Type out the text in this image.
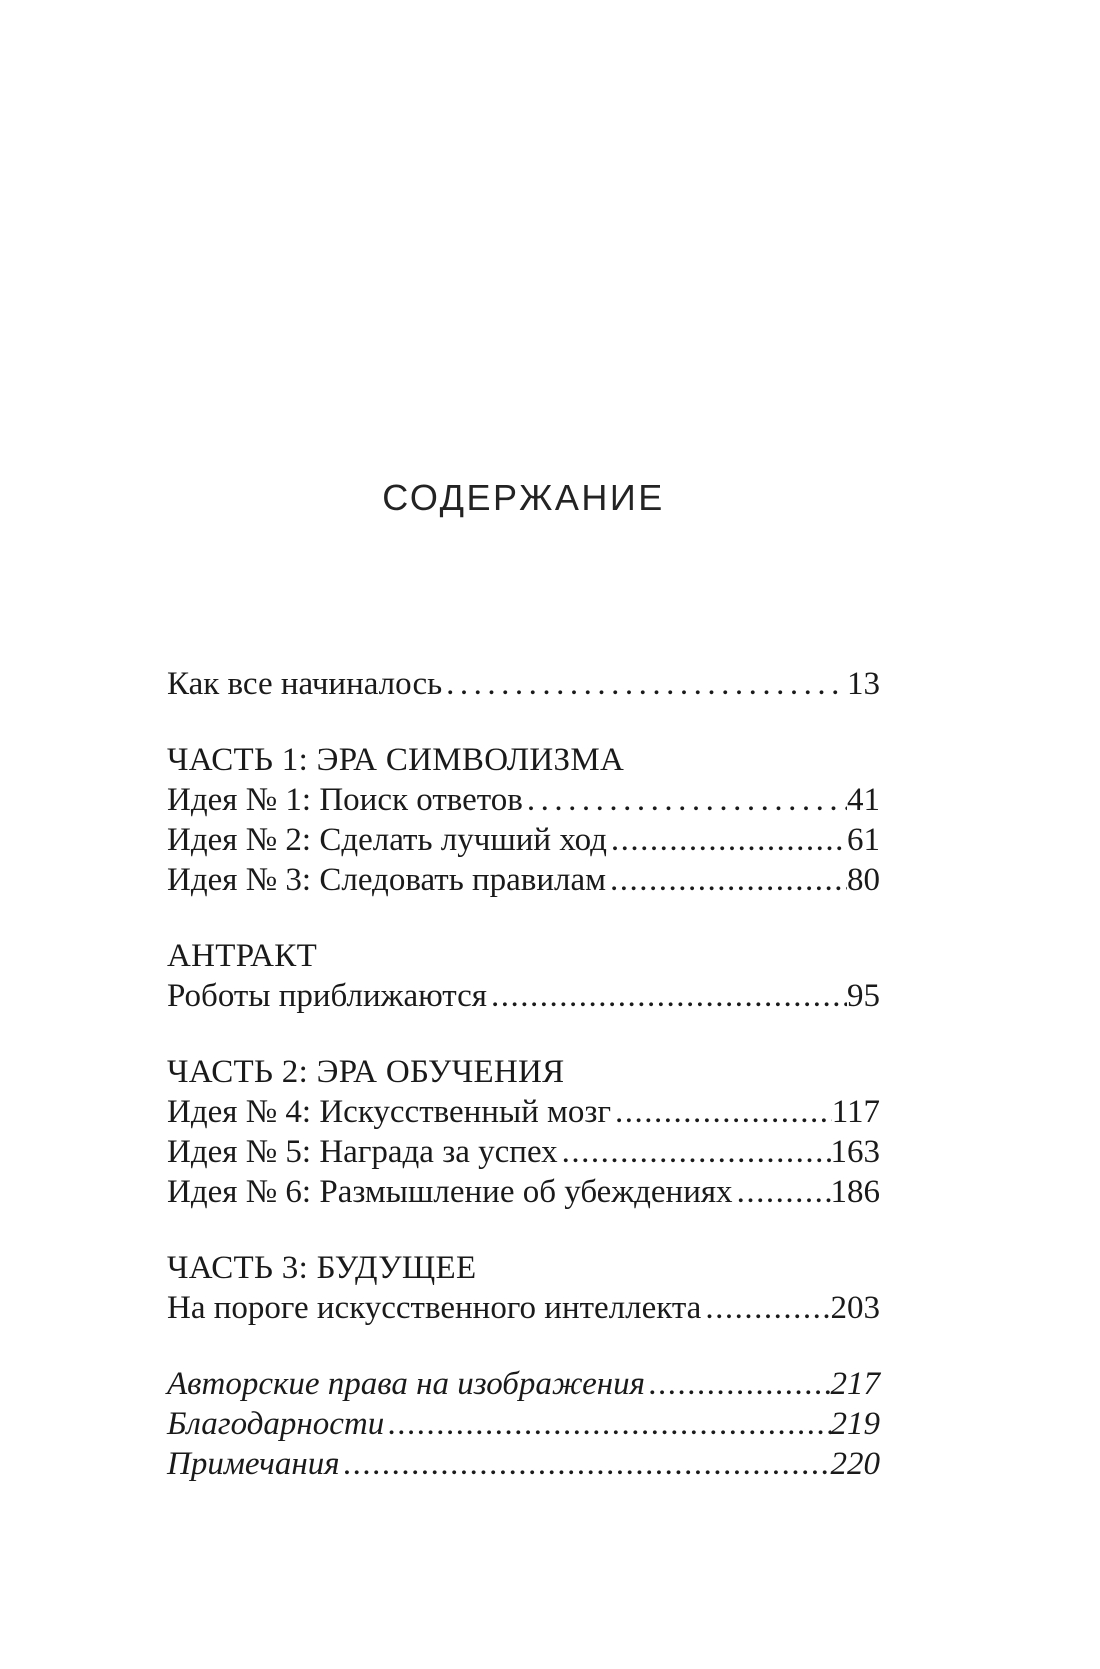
СОДЕРЖАНИЕ
Как все начиналось .....	13
ЧАСТЬ 1: ЭРА СИМВОЛИЗМА
Идея № 1: Поиск ответов .....	41
Идея № 2: Сделать лучший ход .....	61
Идея № 3: Следовать правилам .....	80
АНТРАКТ
Роботы приближаются .....	95
ЧАСТЬ 2: ЭРА ОБУЧЕНИЯ
Идея № 4: Искусственный мозг .....	117
Идея № 5: Награда за успех .....	163
Идея № 6: Размышление об убеждениях .....	186
ЧАСТЬ 3: БУДУЩЕЕ
На пороге искусственного интеллекта .....	203
Авторские права на изображения .....	217
Благодарности .....	219
Примечания .....	220
